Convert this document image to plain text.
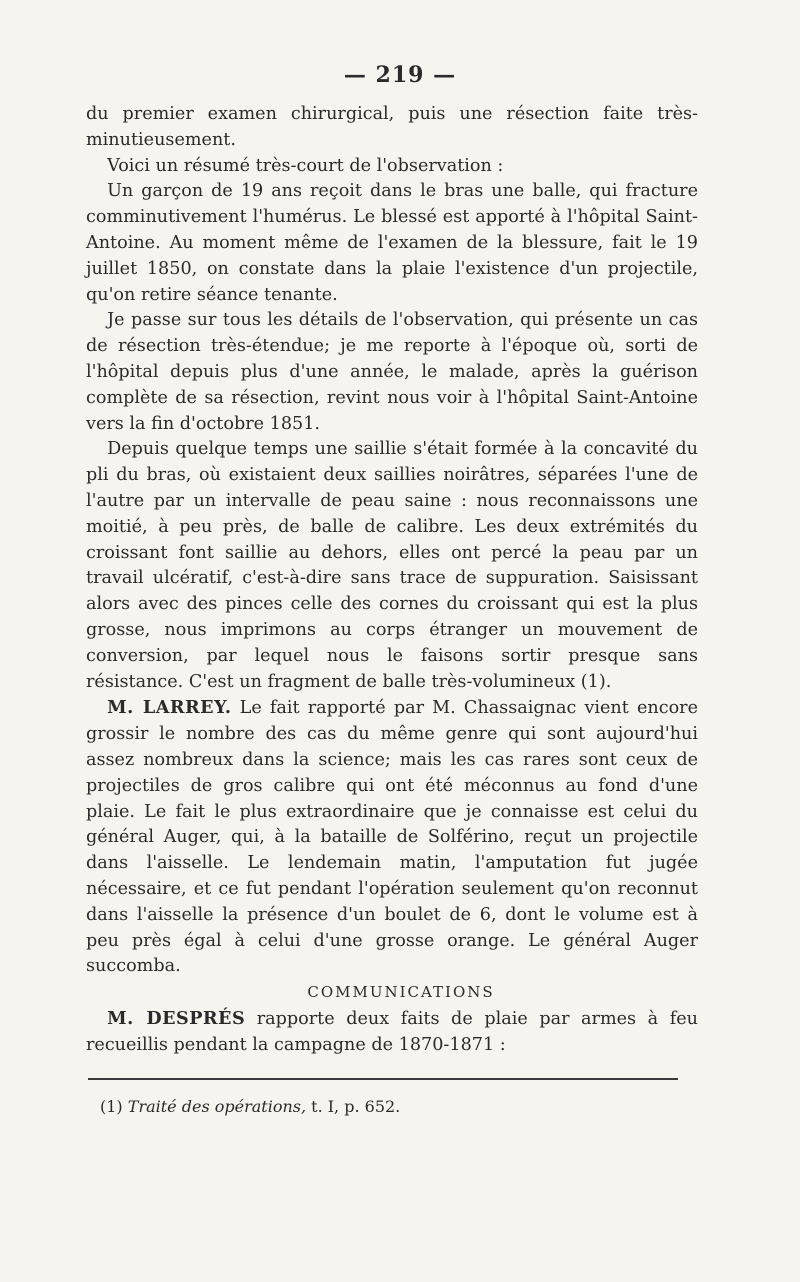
— 219 —

du premier examen chirurgical, puis une résection faite très-minutieusement.

Voici un résumé très-court de l'observation :

Un garçon de 19 ans reçoit dans le bras une balle, qui fracture comminutivement l'humérus. Le blessé est apporté à l'hôpital Saint-Antoine. Au moment même de l'examen de la blessure, fait le 19 juillet 1850, on constate dans la plaie l'existence d'un projectile, qu'on retire séance tenante.

Je passe sur tous les détails de l'observation, qui présente un cas de résection très-étendue; je me reporte à l'époque où, sorti de l'hôpital depuis plus d'une année, le malade, après la guérison complète de sa résection, revint nous voir à l'hôpital Saint-Antoine vers la fin d'octobre 1851.

Depuis quelque temps une saillie s'était formée à la concavité du pli du bras, où existaient deux saillies noirâtres, séparées l'une de l'autre par un intervalle de peau saine : nous reconnaissons une moitié, à peu près, de balle de calibre. Les deux extrémités du croissant font saillie au dehors, elles ont percé la peau par un travail ulcératif, c'est-à-dire sans trace de suppuration. Saisissant alors avec des pinces celle des cornes du croissant qui est la plus grosse, nous imprimons au corps étranger un mouvement de conversion, par lequel nous le faisons sortir presque sans résistance. C'est un fragment de balle très-volumineux (1).

M. LARREY. Le fait rapporté par M. Chassaignac vient encore grossir le nombre des cas du même genre qui sont aujourd'hui assez nombreux dans la science; mais les cas rares sont ceux de projectiles de gros calibre qui ont été méconnus au fond d'une plaie. Le fait le plus extraordinaire que je connaisse est celui du général Auger, qui, à la bataille de Solférino, reçut un projectile dans l'aisselle. Le lendemain matin, l'amputation fut jugée nécessaire, et ce fut pendant l'opération seulement qu'on reconnut dans l'aisselle la présence d'un boulet de 6, dont le volume est à peu près égal à celui d'une grosse orange. Le général Auger succomba.

COMMUNICATIONS

M. DESPRÉS rapporte deux faits de plaie par armes à feu recueillis pendant la campagne de 1870-1871 :

(1) Traité des opérations, t. I, p. 652.
